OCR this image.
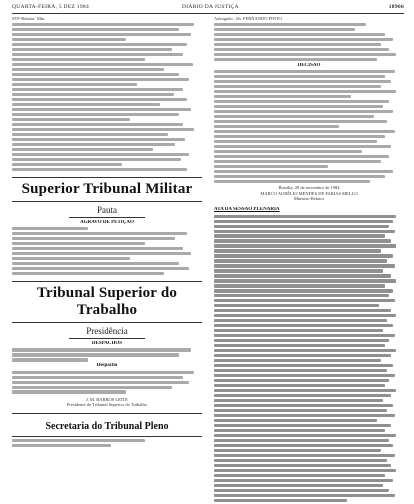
QUARTA-FEIRA, 5 DEZ 1984	DIÁRIO DA JUSTIÇA	18966
STF-Relator: Min.
Superior Tribunal Militar
Pauta
AGRAVO DE PETIÇÃO
Tribunal Superior do Trabalho
Presidência
DESPACHOS
Despacho
J. M. BARROS LEITE
Presidente do Tribunal Superior do Trabalho
Secretaria do Tribunal Pleno
Advogado : Dr. FERNANDO PINTO
DECISÃO
Brasília, 28 de novembro de 1984
MARCO AURÉLIO MENDES DE FARIAS MELLO
Ministro-Relator
ATA DA SESSÃO PLENÁRIA
